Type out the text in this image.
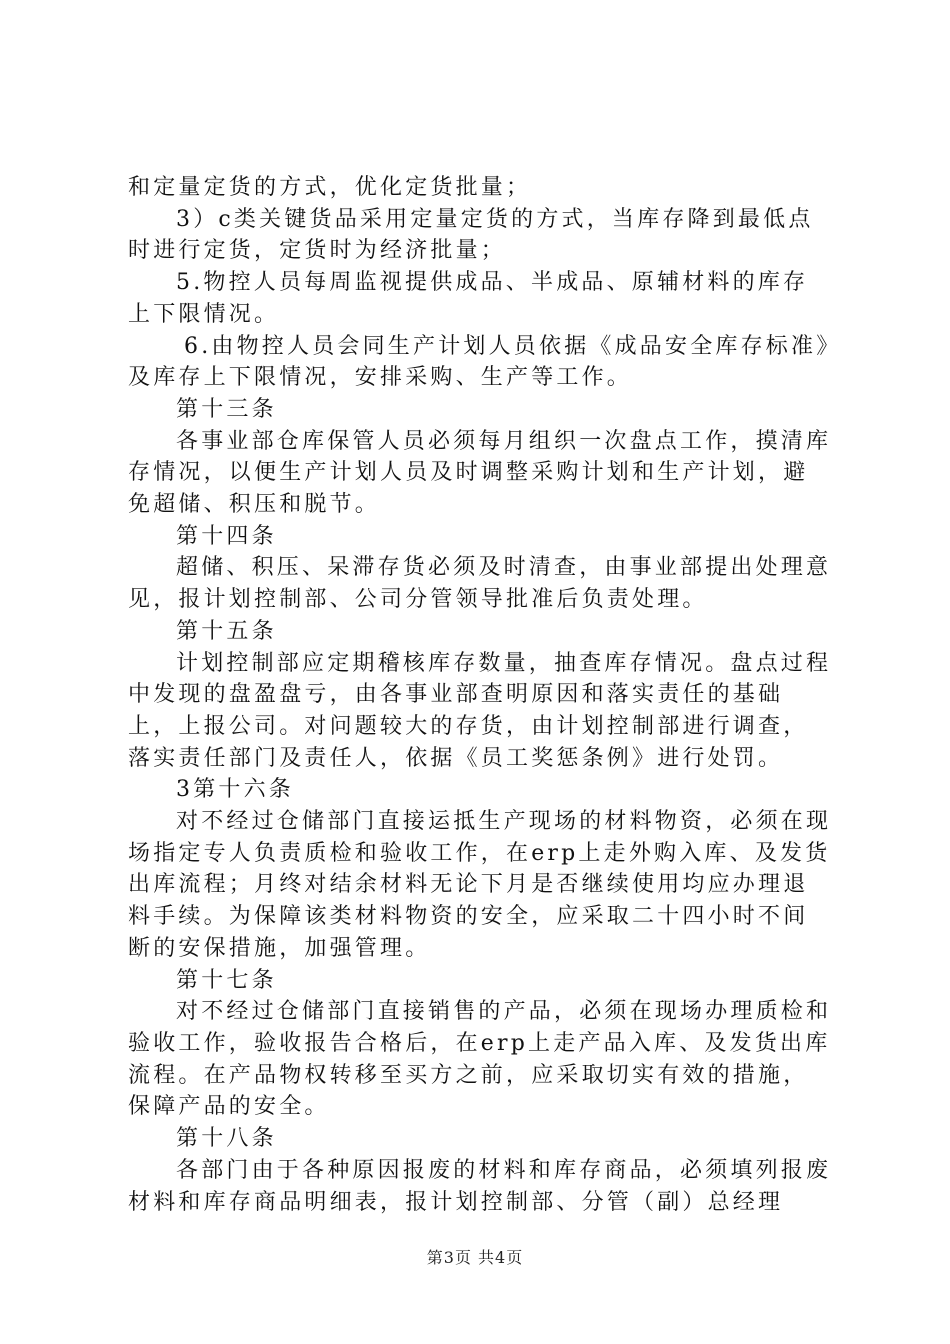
和定量定货的方式，优化定货批量；

3）c类关键货品采用定量定货的方式，当库存降到最低点时进行定货，定货时为经济批量；

5.物控人员每周监视提供成品、半成品、原辅材料的库存上下限情况。

6.由物控人员会同生产计划人员依据《成品安全库存标准》及库存上下限情况，安排采购、生产等工作。

第十三条

各事业部仓库保管人员必须每月组织一次盘点工作，摸清库存情况，以便生产计划人员及时调整采购计划和生产计划，避免超储、积压和脱节。

第十四条

超储、积压、呆滞存货必须及时清查，由事业部提出处理意见，报计划控制部、公司分管领导批准后负责处理。

第十五条

计划控制部应定期稽核库存数量，抽查库存情况。盘点过程中发现的盘盈盘亏，由各事业部查明原因和落实责任的基础上，上报公司。对问题较大的存货，由计划控制部进行调查，落实责任部门及责任人，依据《员工奖惩条例》进行处罚。

3第十六条

对不经过仓储部门直接运抵生产现场的材料物资，必须在现场指定专人负责质检和验收工作，在erp上走外购入库、及发货出库流程；月终对结余材料无论下月是否继续使用均应办理退料手续。为保障该类材料物资的安全，应采取二十四小时不间断的安保措施，加强管理。

第十七条

对不经过仓储部门直接销售的产品，必须在现场办理质检和验收工作，验收报告合格后，在erp上走产品入库、及发货出库流程。在产品物权转移至买方之前，应采取切实有效的措施，保障产品的安全。

第十八条

各部门由于各种原因报废的材料和库存商品，必须填列报废材料和库存商品明细表，报计划控制部、分管（副）总经理

第3页 共4页
